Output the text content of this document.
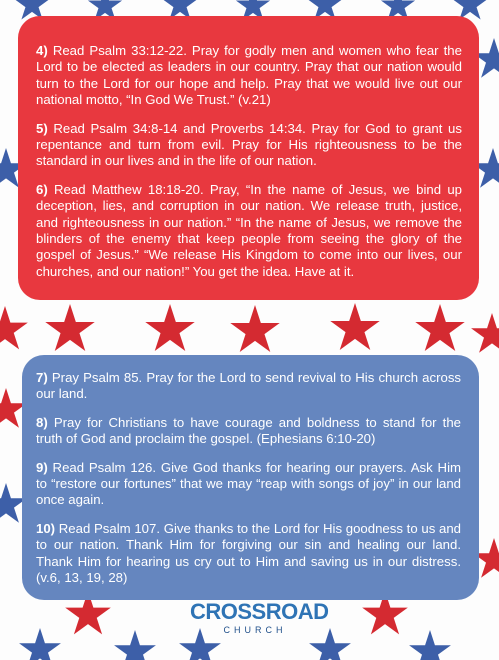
4) Read Psalm 33:12-22. Pray for godly men and women who fear the Lord to be elected as leaders in our country. Pray that our nation would turn to the Lord for our hope and help. Pray that we would live out our national motto, “In God We Trust.” (v.21)

5) Read Psalm 34:8-14 and Proverbs 14:34. Pray for God to grant us repentance and turn from evil. Pray for His righteousness to be the standard in our lives and in the life of our nation.

6) Read Matthew 18:18-20. Pray, “In the name of Jesus, we bind up deception, lies, and corruption in our nation. We release truth, justice, and righteousness in our nation.” “In the name of Jesus, we remove the blinders of the enemy that keep people from seeing the glory of the gospel of Jesus.” “We release His Kingdom to come into our lives, our churches, and our nation!” You get the idea. Have at it.

7) Pray Psalm 85. Pray for the Lord to send revival to His church across our land.

8) Pray for Christians to have courage and boldness to stand for the truth of God and proclaim the gospel. (Ephesians 6:10-20)

9) Read Psalm 126. Give God thanks for hearing our prayers. Ask Him to “restore our fortunes” that we may “reap with songs of joy” in our land once again.

10) Read Psalm 107. Give thanks to the Lord for His goodness to us and to our nation. Thank Him for forgiving our sin and healing our land. Thank Him for hearing us cry out to Him and saving us in our distress. (v.6, 13, 19, 28)

CROSSROAD
CHURCH
